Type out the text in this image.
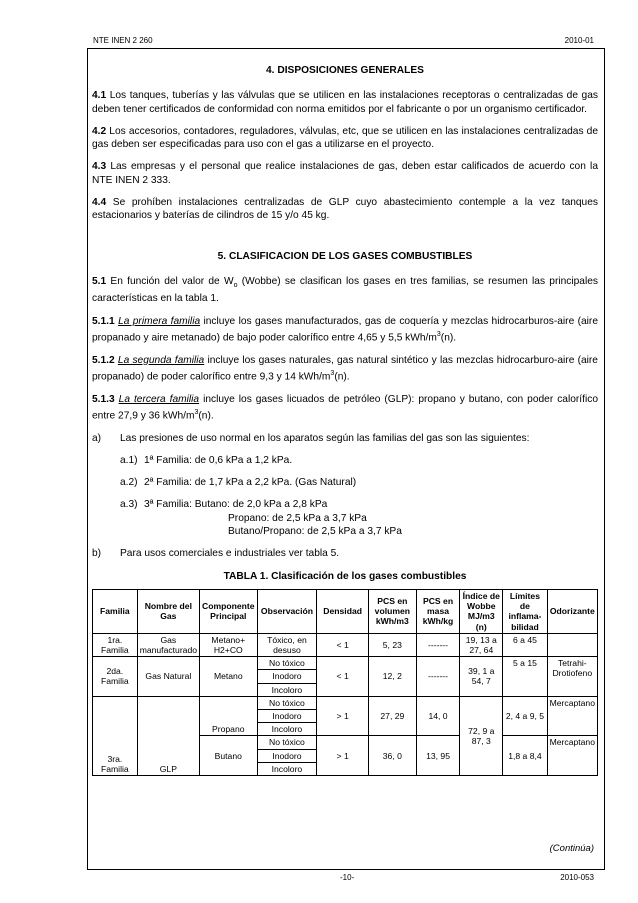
NTE INEN 2 260	2010-01
4. DISPOSICIONES GENERALES

4.1 Los tanques, tuberías y las válvulas que se utilicen en las instalaciones receptoras o centralizadas de gas deben tener certificados de conformidad con norma emitidos por el fabricante o por un organismo certificador.

4.2 Los accesorios, contadores, reguladores, válvulas, etc, que se utilicen en las instalaciones centralizadas de gas deben ser especificadas para uso con el gas a utilizarse en el proyecto.

4.3 Las empresas y el personal que realice instalaciones de gas, deben estar calificados de acuerdo con la NTE INEN 2 333.

4.4 Se prohíben instalaciones centralizadas de GLP cuyo abastecimiento contemple a la vez tanques estacionarios y baterías de cilindros de 15 y/o 45 kg.

5. CLASIFICACION DE LOS GASES COMBUSTIBLES

5.1 En función del valor de $W_o$ (Wobbe) se clasifican los gases en tres familias, se resumen las principales características en la tabla 1.

5.1.1 La primera familia incluye los gases manufacturados, gas de coquería y mezclas hidrocarburos-aire (aire propanado y aire metanado) de bajo poder calorífico entre 4,65 y 5,5 kWh/$m^3(n)$.

5.1.2 La segunda familia incluye los gases naturales, gas natural sintético y las mezclas hidrocarburo-aire (aire propanado) de poder calorífico entre 9,3 y 14 kWh/$m^3(n)$.

5.1.3 La tercera familia incluye los gases licuados de petróleo (GLP): propano y butano, con poder calorífico entre 27,9 y 36 kWh/$m^3(n)$.

a)	Las presiones de uso normal en los aparatos según las familias del gas son las siguientes:
a.1) 1ª Familia: de 0,6 kPa a 1,2 kPa.
a.2) 2ª Familia: de 1,7 kPa a 2,2 kPa. (Gas Natural)
a.3) 3ª Familia: Butano: de 2,0 kPa a 2,8 kPa
Propano: de 2,5 kPa a 3,7 kPa
Butano/Propano: de 2,5 kPa a 3,7 kPa
b)	Para usos comerciales e industriales ver tabla 5.
TABLA 1. Clasificación de los gases combustibles
Familia	Nombre del Gas	Componente Principal	Observación	Densidad	PCS en volumen kWh/m3	PCS en masa kWh/kg	Índice de Wobbe MJ/m3 (n)	Límites de inflama-bilidad	Odorizante
1ra. Familia	Gas manufacturado	Metano+ H2+CO	Tóxico, en desuso	< 1	5, 23	-------	19, 13 a 27, 64	6 a 45	
2da. Familia	Gas Natural	Metano	No tóxico	< 1	12, 2	-------	39, 1 a 54, 7	5 a 15	Tetrahi-Drotiofeno
			Inodoro						
			Incoloro						
3ra. Familia	GLP	Propano	No tóxico	> 1	27, 29	14, 0	72, 9 a 87, 3	2, 4 a 9, 5	Mercaptano
			Inodoro						
			Incoloro						
		Butano	No tóxico	> 1	36, 0	13, 95		1,8 a 8,4	Mercaptano
			Inodoro						
			Incoloro						
(Continúa)
-10-	2010-053
